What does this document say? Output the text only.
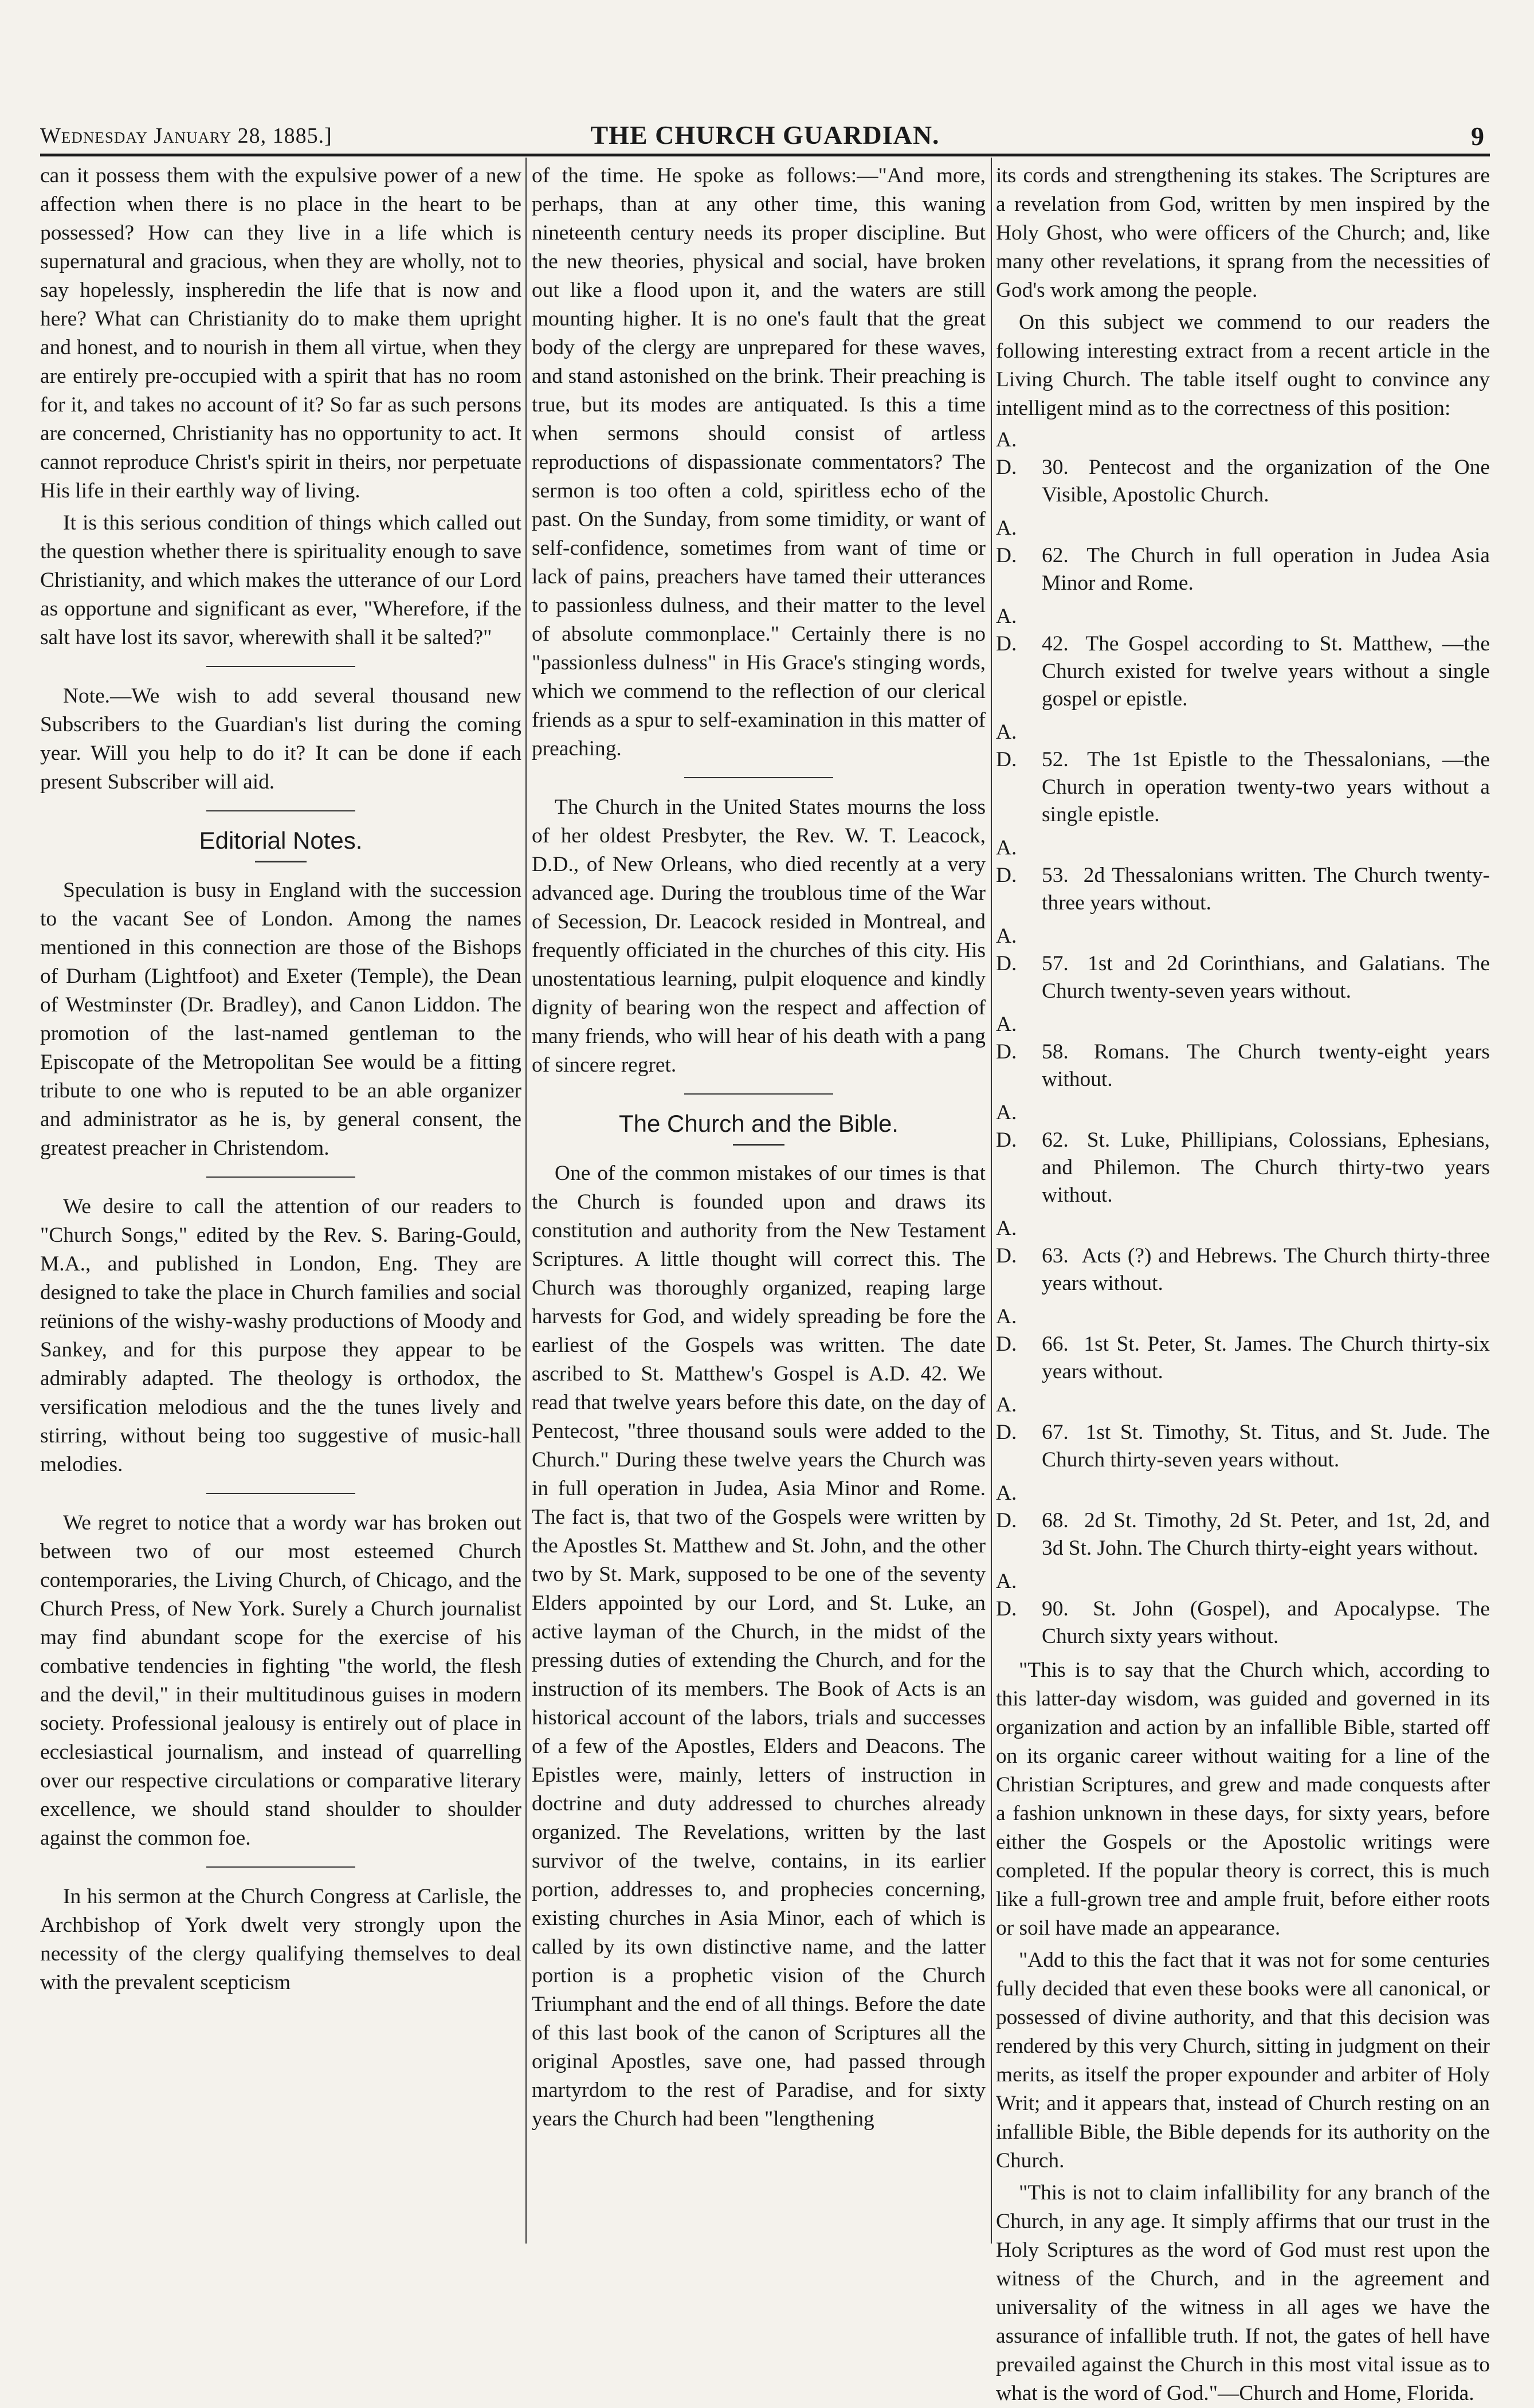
Wednesday January 28, 1885.]	THE CHURCH GUARDIAN.	9

can it possess them with the expulsive power of a new affection when there is no place in the heart to be possessed? How can they live in a life which is supernatural and gracious, when they are wholly, not to say hopelessly, inspheredin the life that is now and here? What can Christianity do to make them upright and honest, and to nourish in them all virtue, when they are entirely pre-occupied with a spirit that has no room for it, and takes no account of it? So far as such persons are concerned, Christianity has no opportunity to act. It cannot reproduce Christ's spirit in theirs, nor perpetuate His life in their earthly way of living.

It is this serious condition of things which called out the question whether there is spirituality enough to save Christianity, and which makes the utterance of our Lord as opportune and significant as ever, "Wherefore, if the salt have lost its savor, wherewith shall it be salted?"

Note.—We wish to add several thousand new Subscribers to the Guardian's list during the coming year. Will you help to do it? It can be done if each present Subscriber will aid.

Editorial Notes.

Speculation is busy in England with the succession to the vacant See of London. Among the names mentioned in this connection are those of the Bishops of Durham (Lightfoot) and Exeter (Temple), the Dean of Westminster (Dr. Bradley), and Canon Liddon. The promotion of the last-named gentleman to the Episcopate of the Metropolitan See would be a fitting tribute to one who is reputed to be an able organizer and administrator as he is, by general consent, the greatest preacher in Christendom.

We desire to call the attention of our readers to "Church Songs," edited by the Rev. S. Baring-Gould, M.A., and published in London, Eng. They are designed to take the place in Church families and social reünions of the wishy-washy productions of Moody and Sankey, and for this purpose they appear to be admirably adapted. The theology is orthodox, the versification melodious and the the tunes lively and stirring, without being too suggestive of music-hall melodies.

We regret to notice that a wordy war has broken out between two of our most esteemed Church contemporaries, the Living Church, of Chicago, and the Church Press, of New York. Surely a Church journalist may find abundant scope for the exercise of his combative tendencies in fighting "the world, the flesh and the devil," in their multitudinous guises in modern society. Professional jealousy is entirely out of place in ecclesiastical journalism, and instead of quarrelling over our respective circulations or comparative literary excellence, we should stand shoulder to shoulder against the common foe.

In his sermon at the Church Congress at Carlisle, the Archbishop of York dwelt very strongly upon the necessity of the clergy qualifying themselves to deal with the prevalent scepticism

of the time. He spoke as follows:—"And more, perhaps, than at any other time, this waning nineteenth century needs its proper discipline. But the new theories, physical and social, have broken out like a flood upon it, and the waters are still mounting higher. It is no one's fault that the great body of the clergy are unprepared for these waves, and stand astonished on the brink. Their preaching is true, but its modes are antiquated. Is this a time when sermons should consist of artless reproductions of dispassionate commentators? The sermon is too often a cold, spiritless echo of the past. On the Sunday, from some timidity, or want of self-confidence, sometimes from want of time or lack of pains, preachers have tamed their utterances to passionless dulness, and their matter to the level of absolute commonplace." Certainly there is no "passionless dulness" in His Grace's stinging words, which we commend to the reflection of our clerical friends as a spur to self-examination in this matter of preaching.

The Church in the United States mourns the loss of her oldest Presbyter, the Rev. W. T. Leacock, D.D., of New Orleans, who died recently at a very advanced age. During the troublous time of the War of Secession, Dr. Leacock resided in Montreal, and frequently officiated in the churches of this city. His unostentatious learning, pulpit eloquence and kindly dignity of bearing won the respect and affection of many friends, who will hear of his death with a pang of sincere regret.

The Church and the Bible.

One of the common mistakes of our times is that the Church is founded upon and draws its constitution and authority from the New Testament Scriptures. A little thought will correct this. The Church was thoroughly organized, reaping large harvests for God, and widely spreading be fore the earliest of the Gospels was written. The date ascribed to St. Matthew's Gospel is A.D. 42. We read that twelve years before this date, on the day of Pentecost, "three thousand souls were added to the Church." During these twelve years the Church was in full operation in Judea, Asia Minor and Rome. The fact is, that two of the Gospels were written by the Apostles St. Matthew and St. John, and the other two by St. Mark, supposed to be one of the seventy Elders appointed by our Lord, and St. Luke, an active layman of the Church, in the midst of the pressing duties of extending the Church, and for the instruction of its members. The Book of Acts is an historical account of the labors, trials and successes of a few of the Apostles, Elders and Deacons. The Epistles were, mainly, letters of instruction in doctrine and duty addressed to churches already organized. The Revelations, written by the last survivor of the twelve, contains, in its earlier portion, addresses to, and prophecies concerning, existing churches in Asia Minor, each of which is called by its own distinctive name, and the latter portion is a prophetic vision of the Church Triumphant and the end of all things. Before the date of this last book of the canon of Scriptures all the original Apostles, save one, had passed through martyrdom to the rest of Paradise, and for sixty years the Church had been "lengthening

its cords and strengthening its stakes. The Scriptures are a revelation from God, written by men inspired by the Holy Ghost, who were officers of the Church; and, like many other revelations, it sprang from the necessities of God's work among the people.

On this subject we commend to our readers the following interesting extract from a recent article in the Living Church. The table itself ought to convince any intelligent mind as to the correctness of this position:

A. D. 30. Pentecost and the organization of the One Visible, Apostolic Church.
A. D. 62. The Church in full operation in Judea Asia Minor and Rome.
A. D. 42. The Gospel according to St. Matthew, —the Church existed for twelve years without a single gospel or epistle.
A. D. 52. The 1st Epistle to the Thessalonians, —the Church in operation twenty-two years without a single epistle.
A. D. 53. 2d Thessalonians written. The Church twenty-three years without.
A. D. 57. 1st and 2d Corinthians, and Galatians. The Church twenty-seven years without.
A. D. 58. Romans. The Church twenty-eight years without.
A. D. 62. St. Luke, Phillipians, Colossians, Ephesians, and Philemon. The Church thirty-two years without.
A. D. 63. Acts (?) and Hebrews. The Church thirty-three years without.
A. D. 66. 1st St. Peter, St. James. The Church thirty-six years without.
A. D. 67. 1st St. Timothy, St. Titus, and St. Jude. The Church thirty-seven years without.
A. D. 68. 2d St. Timothy, 2d St. Peter, and 1st, 2d, and 3d St. John. The Church thirty-eight years without.
A. D. 90. St. John (Gospel), and Apocalypse. The Church sixty years without.

"This is to say that the Church which, according to this latter-day wisdom, was guided and governed in its organization and action by an infallible Bible, started off on its organic career without waiting for a line of the Christian Scriptures, and grew and made conquests after a fashion unknown in these days, for sixty years, before either the Gospels or the Apostolic writings were completed. If the popular theory is correct, this is much like a full-grown tree and ample fruit, before either roots or soil have made an appearance.

"Add to this the fact that it was not for some centuries fully decided that even these books were all canonical, or possessed of divine authority, and that this decision was rendered by this very Church, sitting in judgment on their merits, as itself the proper expounder and arbiter of Holy Writ; and it appears that, instead of Church resting on an infallible Bible, the Bible depends for its authority on the Church.

"This is not to claim infallibility for any branch of the Church, in any age. It simply affirms that our trust in the Holy Scriptures as the word of God must rest upon the witness of the Church, and in the agreement and universality of the witness in all ages we have the assurance of infallible truth. If not, the gates of hell have prevailed against the Church in this most vital issue as to what is the word of God."—Church and Home, Florida.
